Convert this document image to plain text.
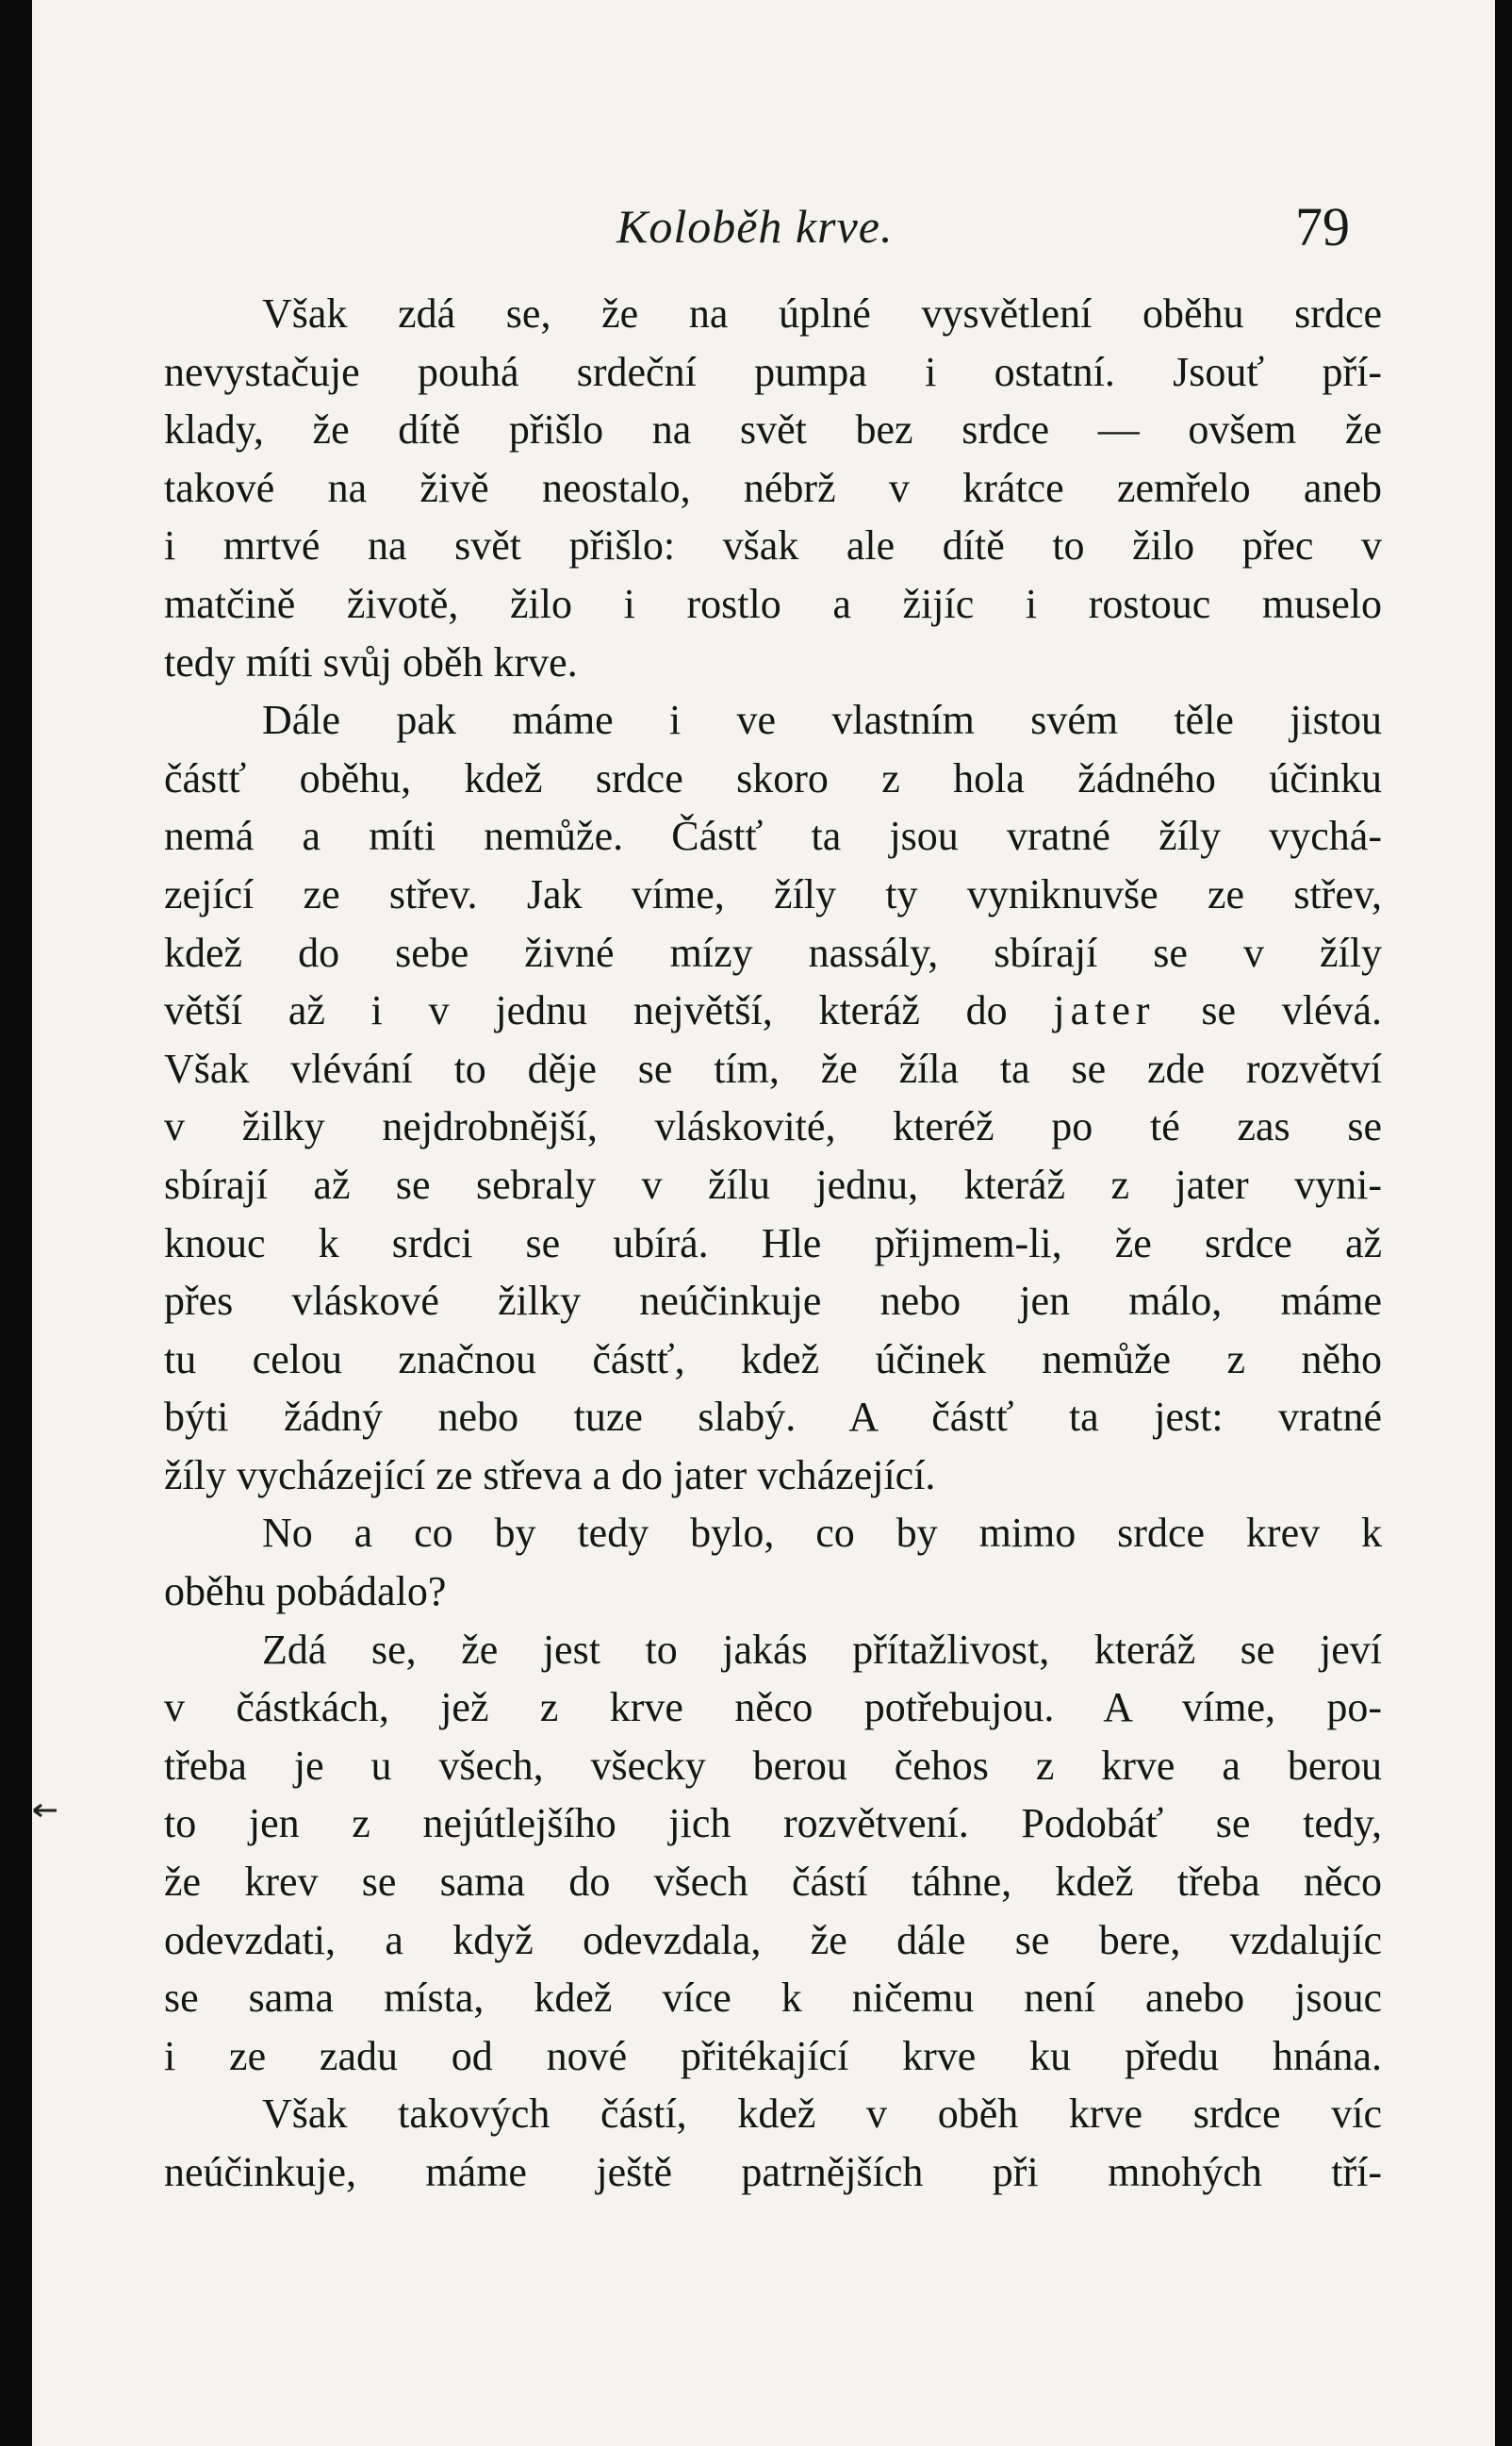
Koloběh krve.	79
Však zdá se, že na úplné vysvětlení oběhu srdce
nevystačuje pouhá srdeční pumpa i ostatní. Jsouť pří-
klady, že dítě přišlo na svět bez srdce — ovšem že
takové na živě neostalo, nébrž v krátce zemřelo aneb
i mrtvé na svět přišlo: však ale dítě to žilo přec v
matčině životě, žilo i rostlo a žijíc i rostouc muselo
tedy míti svůj oběh krve.
Dále pak máme i ve vlastním svém těle jistou
částť oběhu, kdež srdce skoro z hola žádného účinku
nemá a míti nemůže. Částť ta jsou vratné žíly vychá-
zející ze střev. Jak víme, žíly ty vyniknuvše ze střev,
kdež do sebe živné mízy nassály, sbírají se v žíly
větší až i v jednu největší, kteráž do jater se vlévá.
Však vlévání to děje se tím, že žíla ta se zde rozvětví
v žilky nejdrobnější, vláskovité, kteréž po té zas se
sbírají až se sebraly v žílu jednu, kteráž z jater vyni-
knouc k srdci se ubírá. Hle přijmem-li, že srdce až
přes vláskové žilky neúčinkuje nebo jen málo, máme
tu celou značnou částť, kdež účinek nemůže z něho
býti žádný nebo tuze slabý. A částť ta jest: vratné
žíly vycházející ze střeva a do jater vcházející.
No a co by tedy bylo, co by mimo srdce krev k
oběhu pobádalo?
Zdá se, že jest to jakás přítažlivost, kteráž se jeví
v částkách, jež z krve něco potřebujou. A víme, po-
třeba je u všech, všecky berou čehos z krve a berou
to jen z nejútlejšího jich rozvětvení. Podobáť se tedy,
že krev se sama do všech částí táhne, kdež třeba něco
odevzdati, a když odevzdala, že dále se bere, vzdalujíc
se sama místa, kdež více k ničemu není anebo jsouc
i ze zadu od nové přitékající krve ku předu hnána.
Však takových částí, kdež v oběh krve srdce víc
neúčinkuje, máme ještě patrnějších při mnohých tří-
